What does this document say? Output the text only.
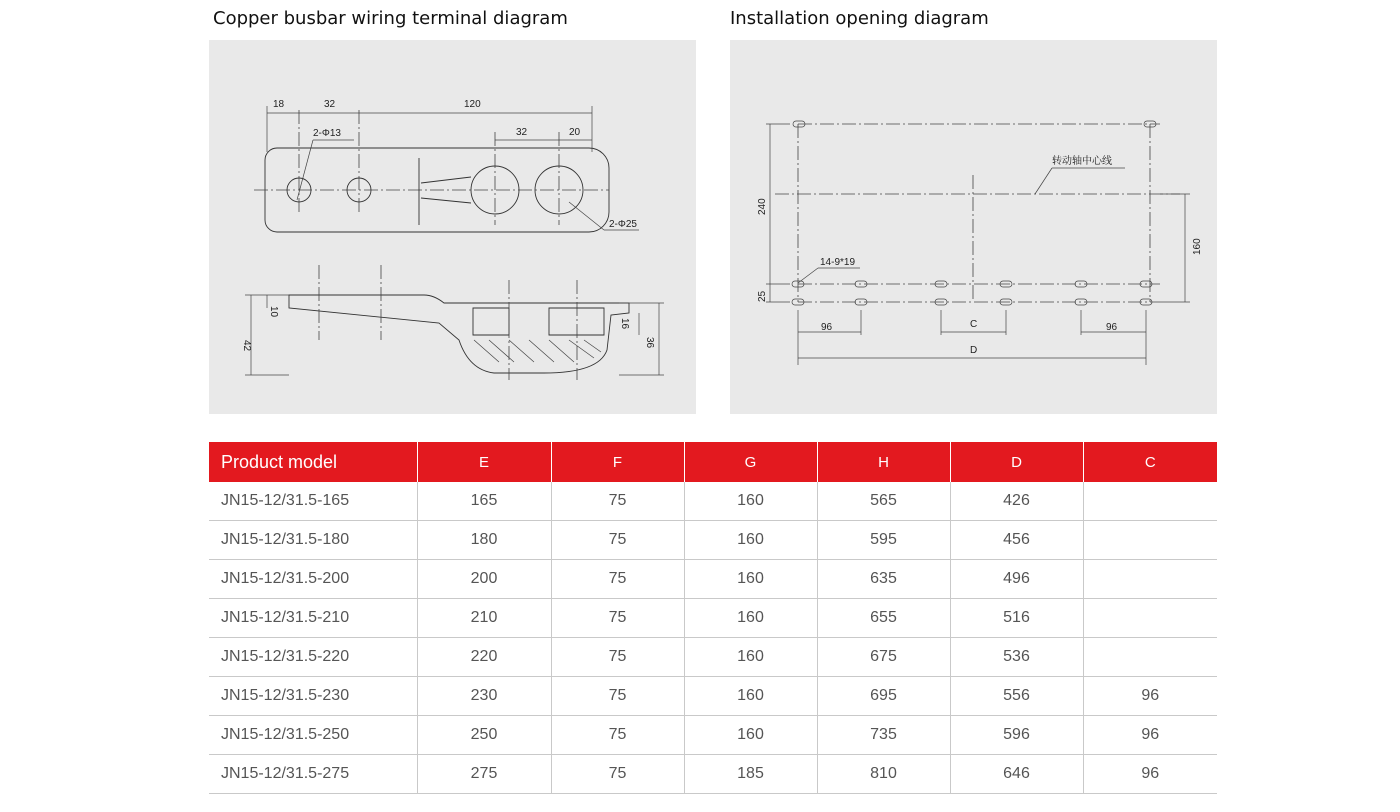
Copper busbar wiring terminal diagram	Installation opening diagram
18	32	120
32	20
2-Φ13
2-Φ25
10
42
16
36
240
160
25
96	C	96
D
14-9*19
转动轴中心线
Product model	E	F	G	H	D	C
JN15-12/31.5-165	165	75	160	565	426	
JN15-12/31.5-180	180	75	160	595	456	
JN15-12/31.5-200	200	75	160	635	496	
JN15-12/31.5-210	210	75	160	655	516	
JN15-12/31.5-220	220	75	160	675	536	
JN15-12/31.5-230	230	75	160	695	556	96
JN15-12/31.5-250	250	75	160	735	596	96
JN15-12/31.5-275	275	75	185	810	646	96
